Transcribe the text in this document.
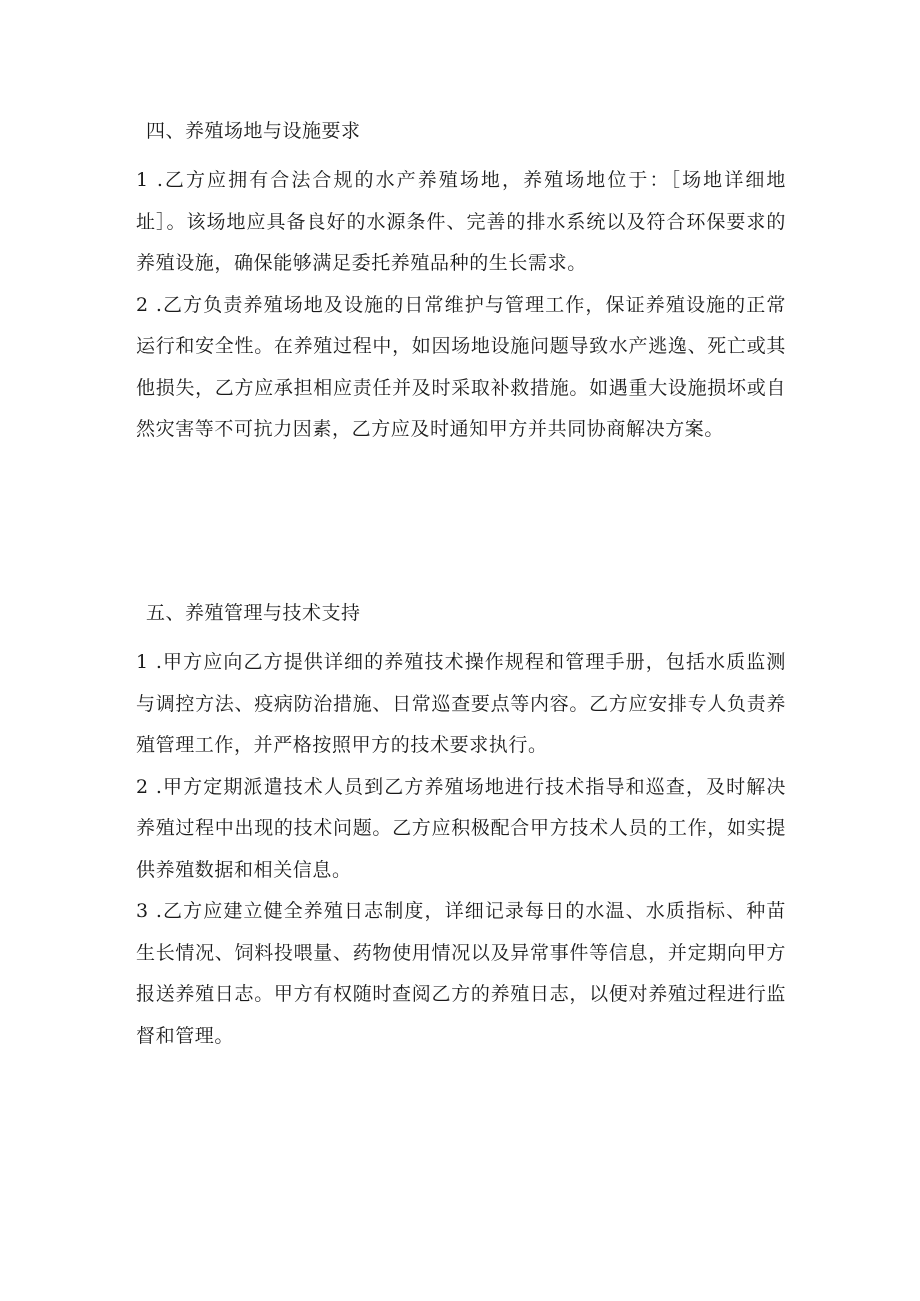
四、养殖场地与设施要求

1 .乙方应拥有合法合规的水产养殖场地，养殖场地位于：［场地详细地址］。该场地应具备良好的水源条件、完善的排水系统以及符合环保要求的养殖设施，确保能够满足委托养殖品种的生长需求。

2 .乙方负责养殖场地及设施的日常维护与管理工作，保证养殖设施的正常运行和安全性。在养殖过程中，如因场地设施问题导致水产逃逸、死亡或其他损失，乙方应承担相应责任并及时采取补救措施。如遇重大设施损坏或自然灾害等不可抗力因素，乙方应及时通知甲方并共同协商解决方案。

五、养殖管理与技术支持

1 .甲方应向乙方提供详细的养殖技术操作规程和管理手册，包括水质监测与调控方法、疫病防治措施、日常巡查要点等内容。乙方应安排专人负责养殖管理工作，并严格按照甲方的技术要求执行。

2 .甲方定期派遣技术人员到乙方养殖场地进行技术指导和巡查，及时解决养殖过程中出现的技术问题。乙方应积极配合甲方技术人员的工作，如实提供养殖数据和相关信息。

3 .乙方应建立健全养殖日志制度，详细记录每日的水温、水质指标、种苗生长情况、饲料投喂量、药物使用情况以及异常事件等信息，并定期向甲方报送养殖日志。甲方有权随时查阅乙方的养殖日志，以便对养殖过程进行监督和管理。
